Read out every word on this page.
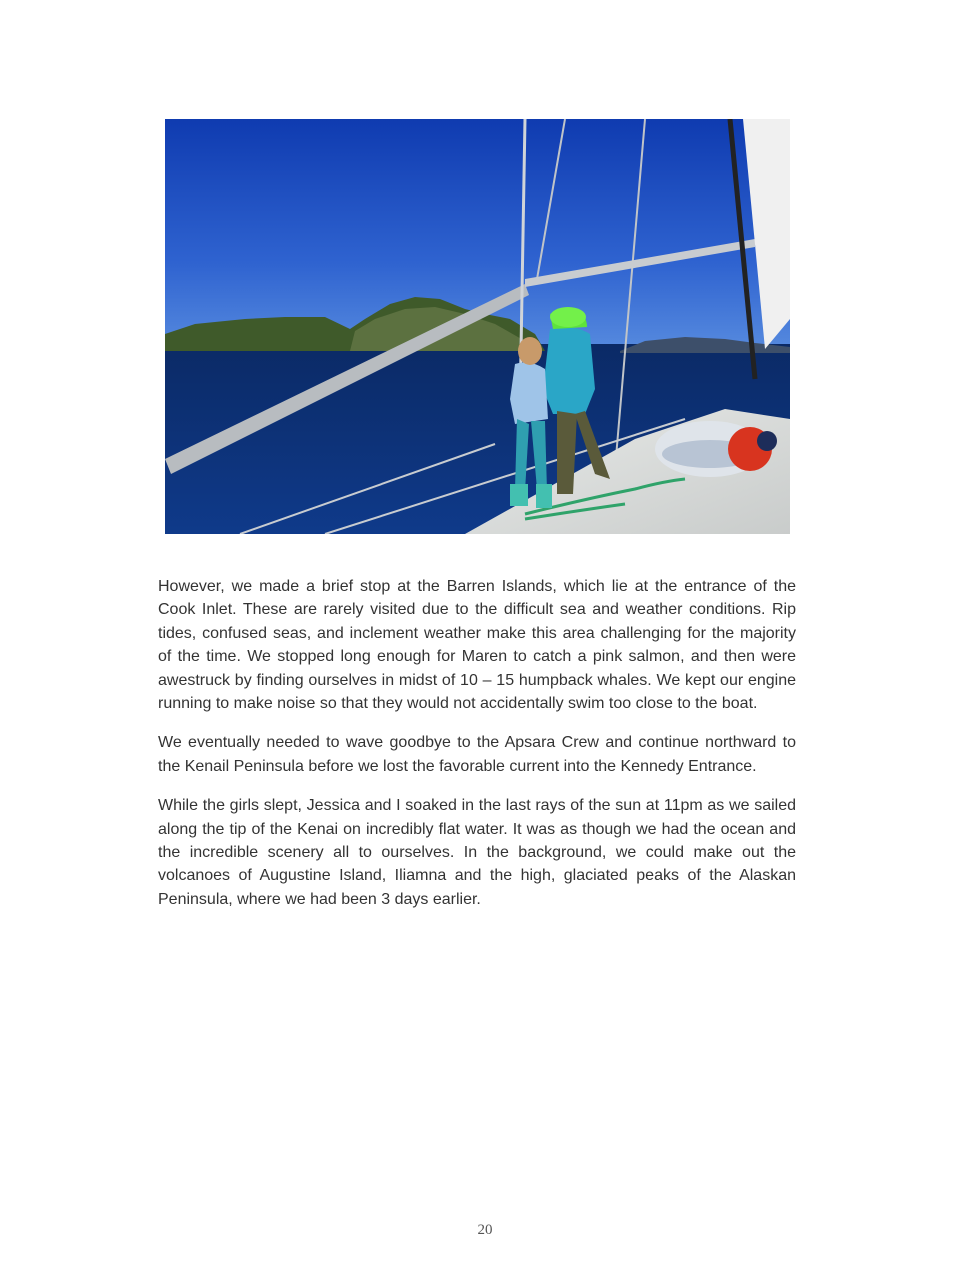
However, we made a brief stop at the Barren Islands, which lie at the entrance of the Cook Inlet. These are rarely visited due to the difficult sea and weather conditions. Rip tides, confused seas, and inclement weather make this area challenging for the majority of the time. We stopped long enough for Maren to catch a pink salmon, and then were awestruck by finding ourselves in midst of 10 – 15 humpback whales. We kept our engine running to make noise so that they would not accidentally swim too close to the boat.

We eventually needed to wave goodbye to the Apsara Crew and continue northward to the Kenail Peninsula before we lost the favorable current into the Kennedy Entrance.

While the girls slept, Jessica and I soaked in the last rays of the sun at 11pm as we sailed along the tip of the Kenai on incredibly flat water. It was as though we had the ocean and the incredible scenery all to ourselves. In the background, we could make out the volcanoes of Augustine Island, Iliamna and the high, glaciated peaks of the Alaskan Peninsula, where we had been 3 days earlier.

20
